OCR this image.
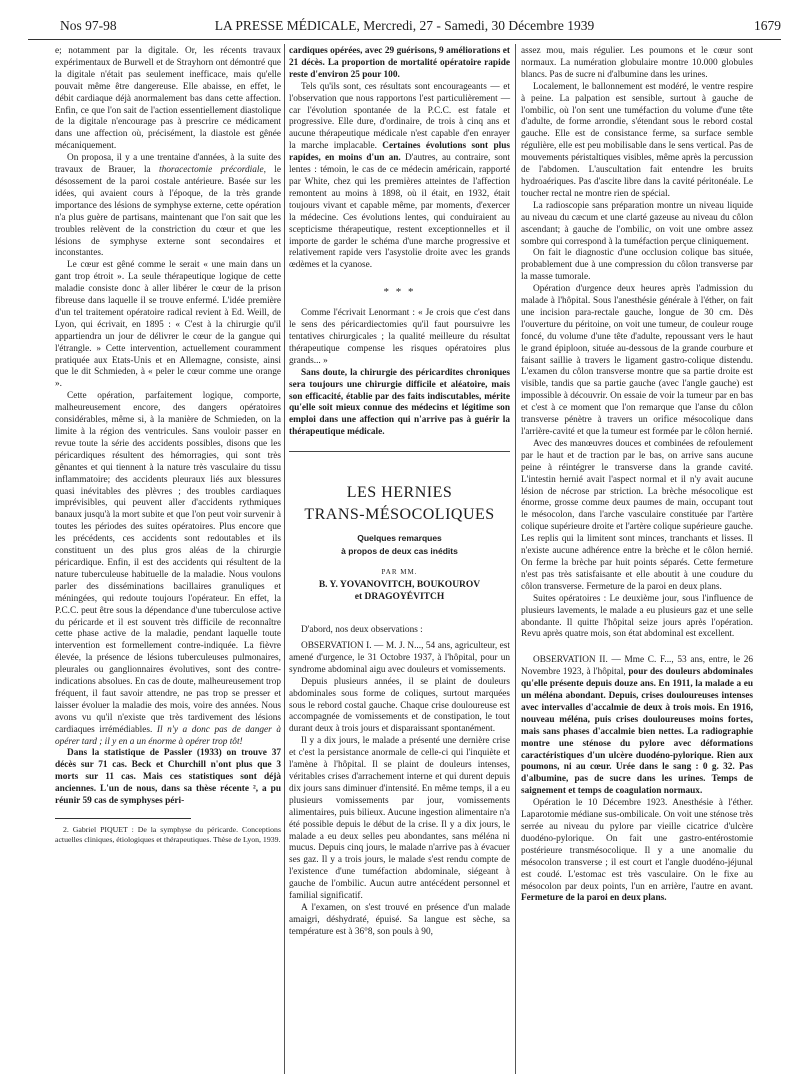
Nos 97-98	LA PRESSE MÉDICALE, Mercredi, 27 - Samedi, 30 Décembre 1939	1679

e; notamment par la digitale. Or, les récents travaux expérimentaux de Burwell et de Strayhorn ont démontré que la digitale n'était pas seulement inefficace, mais qu'elle pouvait même être dangereuse. Elle abaisse, en effet, le débit cardiaque déjà anormalement bas dans cette affection. Enfin, ce que l'on sait de l'action essentiellement diastolique de la digitale n'encourage pas à prescrire ce médicament dans une affection où, précisément, la diastole est gênée mécaniquement.

On proposa, il y a une trentaine d'années, à la suite des travaux de Brauer, la thoracectomie précordiale, le désossement de la paroi costale antérieure. Basée sur les idées, qui avaient cours à l'époque, de la très grande importance des lésions de symphyse externe, cette opération n'a plus guère de partisans, maintenant que l'on sait que les troubles relèvent de la constriction du cœur et que les lésions de symphyse externe sont secondaires et inconstantes.

Le cœur est gêné comme le serait « une main dans un gant trop étroit ». La seule thérapeutique logique de cette maladie consiste donc à aller libérer le cœur de la prison fibreuse dans laquelle il se trouve enfermé. L'idée première d'un tel traitement opératoire radical revient à Ed. Weill, de Lyon, qui écrivait, en 1895 : « C'est à la chirurgie qu'il appartiendra un jour de délivrer le cœur de la gangue qui l'étrangle. » Cette intervention, actuellement couramment pratiquée aux Etats-Unis et en Allemagne, consiste, ainsi que le dit Schmieden, à « peler le cœur comme une orange ».

Cette opération, parfaitement logique, comporte, malheureusement encore, des dangers opératoires considérables, même si, à la manière de Schmieden, on la limite à la région des ventricules. Sans vouloir passer en revue toute la série des accidents possibles, disons que les péricardiques résultent des hémorragies, qui sont très gênantes et qui tiennent à la nature très vasculaire du tissu inflammatoire; des accidents pleuraux liés aux blessures quasi inévitables des plèvres ; des troubles cardiaques imprévisibles, qui peuvent aller d'accidents rythmiques banaux jusqu'à la mort subite et que l'on peut voir survenir à toutes les périodes des suites opératoires. Plus encore que les précédents, ces accidents sont redoutables et ils constituent un des plus gros aléas de la chirurgie péricardique. Enfin, il est des accidents qui résultent de la nature tuberculeuse habituelle de la maladie. Nous voulons parler des disséminations bacillaires granuliques et méningées, qui redoute toujours l'opérateur. En effet, la P.C.C. peut être sous la dépendance d'une tuberculose active du péricarde et il est souvent très difficile de reconnaître cette phase active de la maladie, pendant laquelle toute intervention est formellement contre-indiquée. La fièvre élevée, la présence de lésions tuberculeuses pulmonaires, pleurales ou ganglionnaires évolutives, sont des contre-indications absolues. En cas de doute, malheureusement trop fréquent, il faut savoir attendre, ne pas trop se presser et laisser évoluer la maladie des mois, voire des années. Nous avons vu qu'il n'existe que très tardivement des lésions cardiaques irrémédiables. Il n'y a donc pas de danger à opérer tard ; il y en a un énorme à opérer trop tôt!

Dans la statistique de Passler (1933) on trouve 37 décès sur 71 cas. Beck et Churchill n'ont plus que 3 morts sur 11 cas. Mais ces statistiques sont déjà anciennes. L'un de nous, dans sa thèse récente ², a pu réunir 59 cas de symphyses péri-

2. Gabriel PIQUET : De la symphyse du péricarde. Conceptions actuelles cliniques, étiologiques et thérapeutiques. Thèse de Lyon, 1939.

cardiques opérées, avec 29 guérisons, 9 améliorations et 21 décès. La proportion de mortalité opératoire rapide reste d'environ 25 pour 100.

Tels qu'ils sont, ces résultats sont encourageants — et l'observation que nous rapportons l'est particulièrement — car l'évolution spontanée de la P.C.C. est fatale et progressive. Elle dure, d'ordinaire, de trois à cinq ans et aucune thérapeutique médicale n'est capable d'en enrayer la marche implacable. Certaines évolutions sont plus rapides, en moins d'un an. D'autres, au contraire, sont lentes : témoin, le cas de ce médecin américain, rapporté par White, chez qui les premières atteintes de l'affection remontent au moins à 1898, où il était, en 1932, était toujours vivant et capable même, par moments, d'exercer la médecine. Ces évolutions lentes, qui conduiraient au scepticisme thérapeutique, restent exceptionnelles et il importe de garder le schéma d'une marche progressive et relativement rapide vers l'asystolie droite avec les grands œdèmes et la cyanose.

* * *

Comme l'écrivait Lenormant : « Je crois que c'est dans le sens des péricardiectomies qu'il faut poursuivre les tentatives chirurgicales ; la qualité meilleure du résultat thérapeutique compense les risques opératoires plus grands... »

Sans doute, la chirurgie des péricardites chroniques sera toujours une chirurgie difficile et aléatoire, mais son efficacité, établie par des faits indiscutables, mérite qu'elle soit mieux connue des médecins et légitime son emploi dans une affection qui n'arrive pas à guérir la thérapeutique médicale.

LES HERNIES
TRANS-MÉSOCOLIQUES
Quelques remarques
à propos de deux cas inédits
PAR MM.
B. Y. YOVANOVITCH, BOUKOUROV
et DRAGOYÉVITCH

D'abord, nos deux observations :

OBSERVATION I. — M. J. N..., 54 ans, agriculteur, est amené d'urgence, le 31 Octobre 1937, à l'hôpital, pour un syndrome abdominal aigu avec douleurs et vomissements.

Depuis plusieurs années, il se plaint de douleurs abdominales sous forme de coliques, surtout marquées sous le rebord costal gauche. Chaque crise douloureuse est accompagnée de vomissements et de constipation, le tout durant deux à trois jours et disparaissant spontanément.

Il y a dix jours, le malade a présenté une dernière crise et c'est la persistance anormale de celle-ci qui l'inquiète et l'amène à l'hôpital. Il se plaint de douleurs intenses, véritables crises d'arrachement interne et qui durent depuis dix jours sans diminuer d'intensité. En même temps, il a eu plusieurs vomissements par jour, vomissements alimentaires, puis bilieux. Aucune ingestion alimentaire n'a été possible depuis le début de la crise. Il y a dix jours, le malade a eu deux selles peu abondantes, sans méléna ni mucus. Depuis cinq jours, le malade n'arrive pas à évacuer ses gaz. Il y a trois jours, le malade s'est rendu compte de l'existence d'une tuméfaction abdominale, siégeant à gauche de l'ombilic. Aucun autre antécédent personnel et familial significatif.

A l'examen, on s'est trouvé en présence d'un malade amaigri, déshydraté, épuisé. Sa langue est sèche, sa température est à 36°8, son pouls à 90,

assez mou, mais régulier. Les poumons et le cœur sont normaux. La numération globulaire montre 10.000 globules blancs. Pas de sucre ni d'albumine dans les urines.

Localement, le ballonnement est modéré, le ventre respire à peine. La palpation est sensible, surtout à gauche de l'ombilic, où l'on sent une tuméfaction du volume d'une tête d'adulte, de forme arrondie, s'étendant sous le rebord costal gauche. Elle est de consistance ferme, sa surface semble régulière, elle est peu mobilisable dans le sens vertical. Pas de mouvements péristaltiques visibles, même après la percussion de l'abdomen. L'auscultation fait entendre les bruits hydroaériques. Pas d'ascite libre dans la cavité péritonéale. Le toucher rectal ne montre rien de spécial.

La radioscopie sans préparation montre un niveau liquide au niveau du cæcum et une clarté gazeuse au niveau du côlon ascendant; à gauche de l'ombilic, on voit une ombre assez sombre qui correspond à la tuméfaction perçue cliniquement.

On fait le diagnostic d'une occlusion colique bas située, probablement due à une compression du côlon transverse par la masse tumorale.

Opération d'urgence deux heures après l'admission du malade à l'hôpital. Sous l'anesthésie générale à l'éther, on fait une incision para-rectale gauche, longue de 30 cm. Dès l'ouverture du péritoine, on voit une tumeur, de couleur rouge foncé, du volume d'une tête d'adulte, repoussant vers le haut le grand épiploon, située au-dessous de la grande courbure et faisant saillie à travers le ligament gastro-colique distendu. L'examen du côlon transverse montre que sa partie droite est visible, tandis que sa partie gauche (avec l'angle gauche) est impossible à découvrir. On essaie de voir la tumeur par en bas et c'est à ce moment que l'on remarque que l'anse du côlon transverse pénètre à travers un orifice mésocolique dans l'arrière-cavité et que la tumeur est formée par le côlon hernié.

Avec des manœuvres douces et combinées de refoulement par le haut et de traction par le bas, on arrive sans aucune peine à réintégrer le transverse dans la grande cavité. L'intestin hernié avait l'aspect normal et il n'y avait aucune lésion de nécrose par striction. La brèche mésocolique est énorme, grosse comme deux paumes de main, occupant tout le mésocolon, dans l'arche vasculaire constituée par l'artère colique supérieure droite et l'artère colique supérieure gauche. Les replis qui la limitent sont minces, tranchants et lisses. Il n'existe aucune adhérence entre la brèche et le côlon hernié. On ferme la brèche par huit points séparés. Cette fermeture n'est pas très satisfaisante et elle aboutit à une coudure du côlon transverse. Fermeture de la paroi en deux plans.

Suites opératoires : Le deuxième jour, sous l'influence de plusieurs lavements, le malade a eu plusieurs gaz et une selle abondante. Il quitte l'hôpital seize jours après l'opération. Revu après quatre mois, son état abdominal est excellent.

OBSERVATION II. — Mme C. F..., 53 ans, entre, le 26 Novembre 1923, à l'hôpital, pour des douleurs abdominales qu'elle présente depuis douze ans. En 1911, la malade a eu un méléna abondant. Depuis, crises douloureuses intenses avec intervalles d'accalmie de deux à trois mois. En 1916, nouveau méléna, puis crises douloureuses moins fortes, mais sans phases d'accalmie bien nettes. La radiographie montre une sténose du pylore avec déformations caractéristiques d'un ulcère duodéno-pylorique. Rien aux poumons, ni au cœur. Urée dans le sang : 0 g. 32. Pas d'albumine, pas de sucre dans les urines. Temps de saignement et temps de coagulation normaux.

Opération le 10 Décembre 1923. Anesthésie à l'éther. Laparotomie médiane sus-ombilicale. On voit une sténose très serrée au niveau du pylore par vieille cicatrice d'ulcère duodéno-pylorique. On fait une gastro-entérostomie postérieure transmésocolique. Il y a une anomalie du mésocolon transverse ; il est court et l'angle duodéno-jéjunal est coudé. L'estomac est très vasculaire. On le fixe au mésocolon par deux points, l'un en arrière, l'autre en avant. Fermeture de la paroi en deux plans.
